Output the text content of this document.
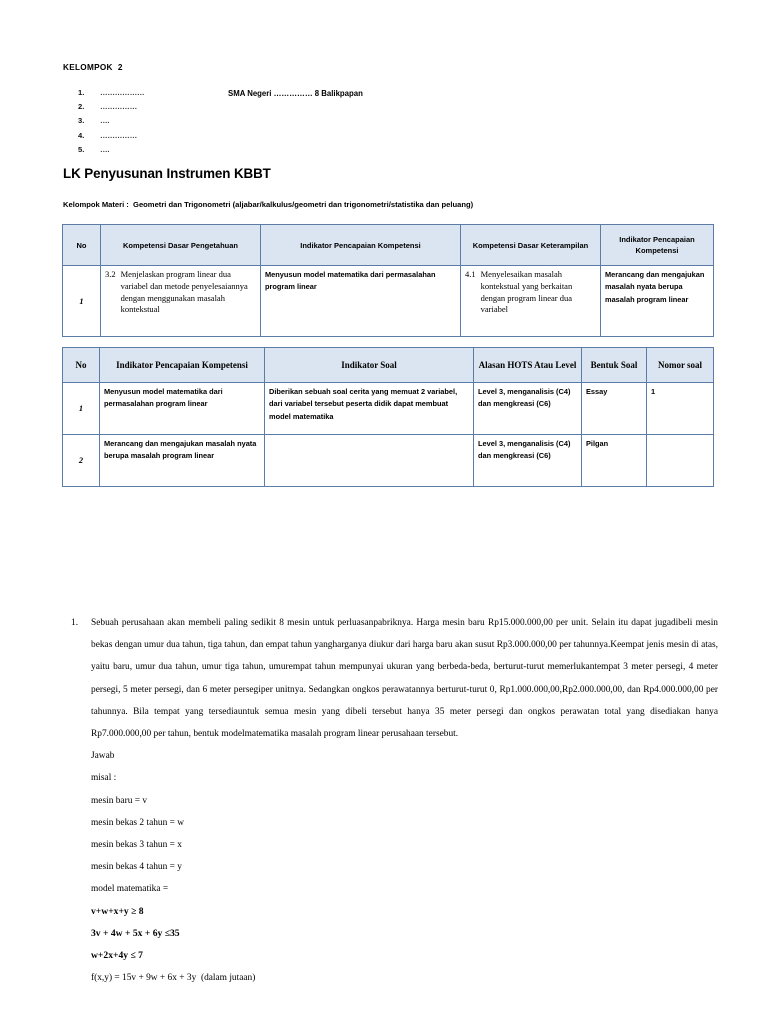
KELOMPOK  2
1.	………………
2.	……………
3.	….
4.	……………
5.	….
SMA Negeri …………… 8 Balikpapan
LK Penyusunan Instrumen KBBT
Kelompok Materi :  Geometri dan Trigonometri (aljabar/kalkulus/geometri dan trigonometri/statistika dan peluang)
No	Kompetensi Dasar Pengetahuan	Indikator Pencapaian Kompetensi	Kompetensi Dasar Keterampilan	Indikator Pencapaian Kompetensi
1	3.2 Menjelaskan program linear dua variabel dan metode penyelesaiannya dengan menggunakan masalah kontekstual	Menyusun model matematika dari permasalahan program linear	4.1 Menyelesaikan masalah kontekstual yang berkaitan dengan program linear dua variabel	Merancang dan mengajukan masalah nyata berupa masalah program linear
No	Indikator Pencapaian Kompetensi	Indikator Soal	Alasan HOTS Atau Level	Bentuk Soal	Nomor soal
1	Menyusun model matematika dari permasalahan program linear	Diberikan sebuah soal cerita yang memuat 2 variabel, dari variabel tersebut peserta didik dapat membuat model matematika	Level 3, menganalisis (C4) dan mengkreasi (C6)	Essay	1
2	Merancang dan mengajukan masalah nyata berupa masalah program linear		Level 3, menganalisis (C4) dan mengkreasi (C6)	Pilgan	
1.	Sebuah perusahaan akan membeli paling sedikit 8 mesin untuk perluasanpabriknya. Harga mesin baru Rp15.000.000,00 per unit. Selain itu dapat jugadibeli mesin bekas dengan umur dua tahun, tiga tahun, dan empat tahun yangharganya diukur dari harga baru akan susut Rp3.000.000,00 per tahunnya.Keempat jenis mesin di atas, yaitu baru, umur dua tahun, umur tiga tahun, umurempat tahun mempunyai ukuran yang berbeda-beda, berturut-turut memerlukantempat 3 meter persegi, 4 meter persegi, 5 meter persegi, dan 6 meter persegiper unitnya. Sedangkan ongkos perawatannya berturut-turut 0, Rp1.000.000,00,Rp2.000.000,00, dan Rp4.000.000,00 per tahunnya. Bila tempat yang tersediauntuk semua mesin yang dibeli tersebut hanya 35 meter persegi dan ongkos perawatan total yang disediakan hanya Rp7.000.000,00 per tahun, bentuk modelmatematika masalah program linear perusahaan tersebut.

Jawab
misal :
mesin baru = v
mesin bekas 2 tahun = w
mesin bekas 3 tahun = x
mesin bekas 4 tahun = y
model matematika =
v+w+x+y ≥ 8
3v + 4w + 5x + 6y ≤35
w+2x+4y ≤ 7
f(x,y) = 15v + 9w + 6x + 3y  (dalam jutaan)
